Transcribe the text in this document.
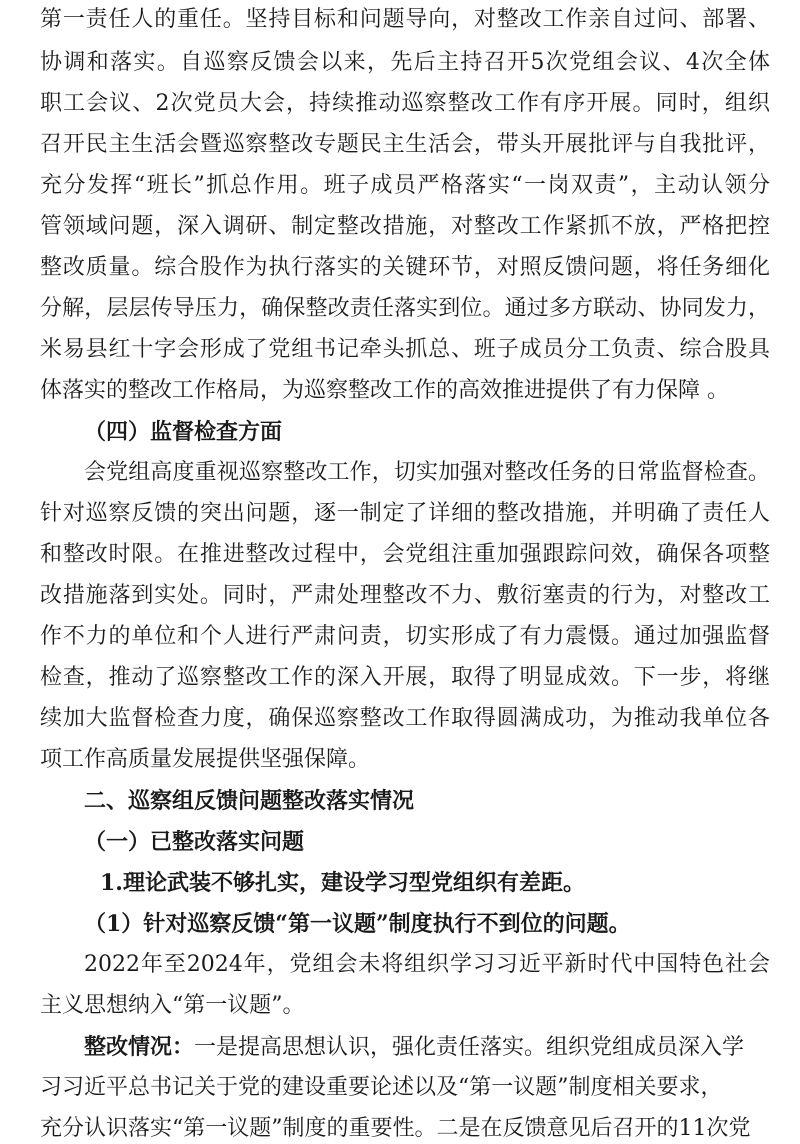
第一责任人的重任。坚持目标和问题导向，对整改工作亲自过问、部署、
协调和落实。自巡察反馈会以来，先后主持召开5次党组会议、4次全体
职工会议、2次党员大会，持续推动巡察整改工作有序开展。同时，组织
召开民主生活会暨巡察整改专题民主生活会，带头开展批评与自我批评，
充分发挥“班长”抓总作用。班子成员严格落实“一岗双责”，主动认领分
管领域问题，深入调研、制定整改措施，对整改工作紧抓不放，严格把控
整改质量。综合股作为执行落实的关键环节，对照反馈问题，将任务细化
分解，层层传导压力，确保整改责任落实到位。通过多方联动、协同发力，
米易县红十字会形成了党组书记牵头抓总、班子成员分工负责、综合股具
体落实的整改工作格局，为巡察整改工作的高效推进提供了有力保障 。
（四）监督检查方面
会党组高度重视巡察整改工作，切实加强对整改任务的日常监督检查。
针对巡察反馈的突出问题，逐一制定了详细的整改措施，并明确了责任人
和整改时限。在推进整改过程中，会党组注重加强跟踪问效，确保各项整
改措施落到实处。同时，严肃处理整改不力、敷衍塞责的行为，对整改工
作不力的单位和个人进行严肃问责，切实形成了有力震慑。通过加强监督
检查，推动了巡察整改工作的深入开展，取得了明显成效。下一步，将继
续加大监督检查力度，确保巡察整改工作取得圆满成功，为推动我单位各
项工作高质量发展提供坚强保障。
二、巡察组反馈问题整改落实情况
（一）已整改落实问题
1.理论武装不够扎实，建设学习型党组织有差距。
（1）针对巡察反馈“第一议题”制度执行不到位的问题。
2022年至2024年，党组会未将组织学习习近平新时代中国特色社会
主义思想纳入“第一议题”。
整改情况：一是提高思想认识，强化责任落实。组织党组成员深入学
习习近平总书记关于党的建设重要论述以及“第一议题”制度相关要求，
充分认识落实“第一议题”制度的重要性。二是在反馈意见后召开的11次党
